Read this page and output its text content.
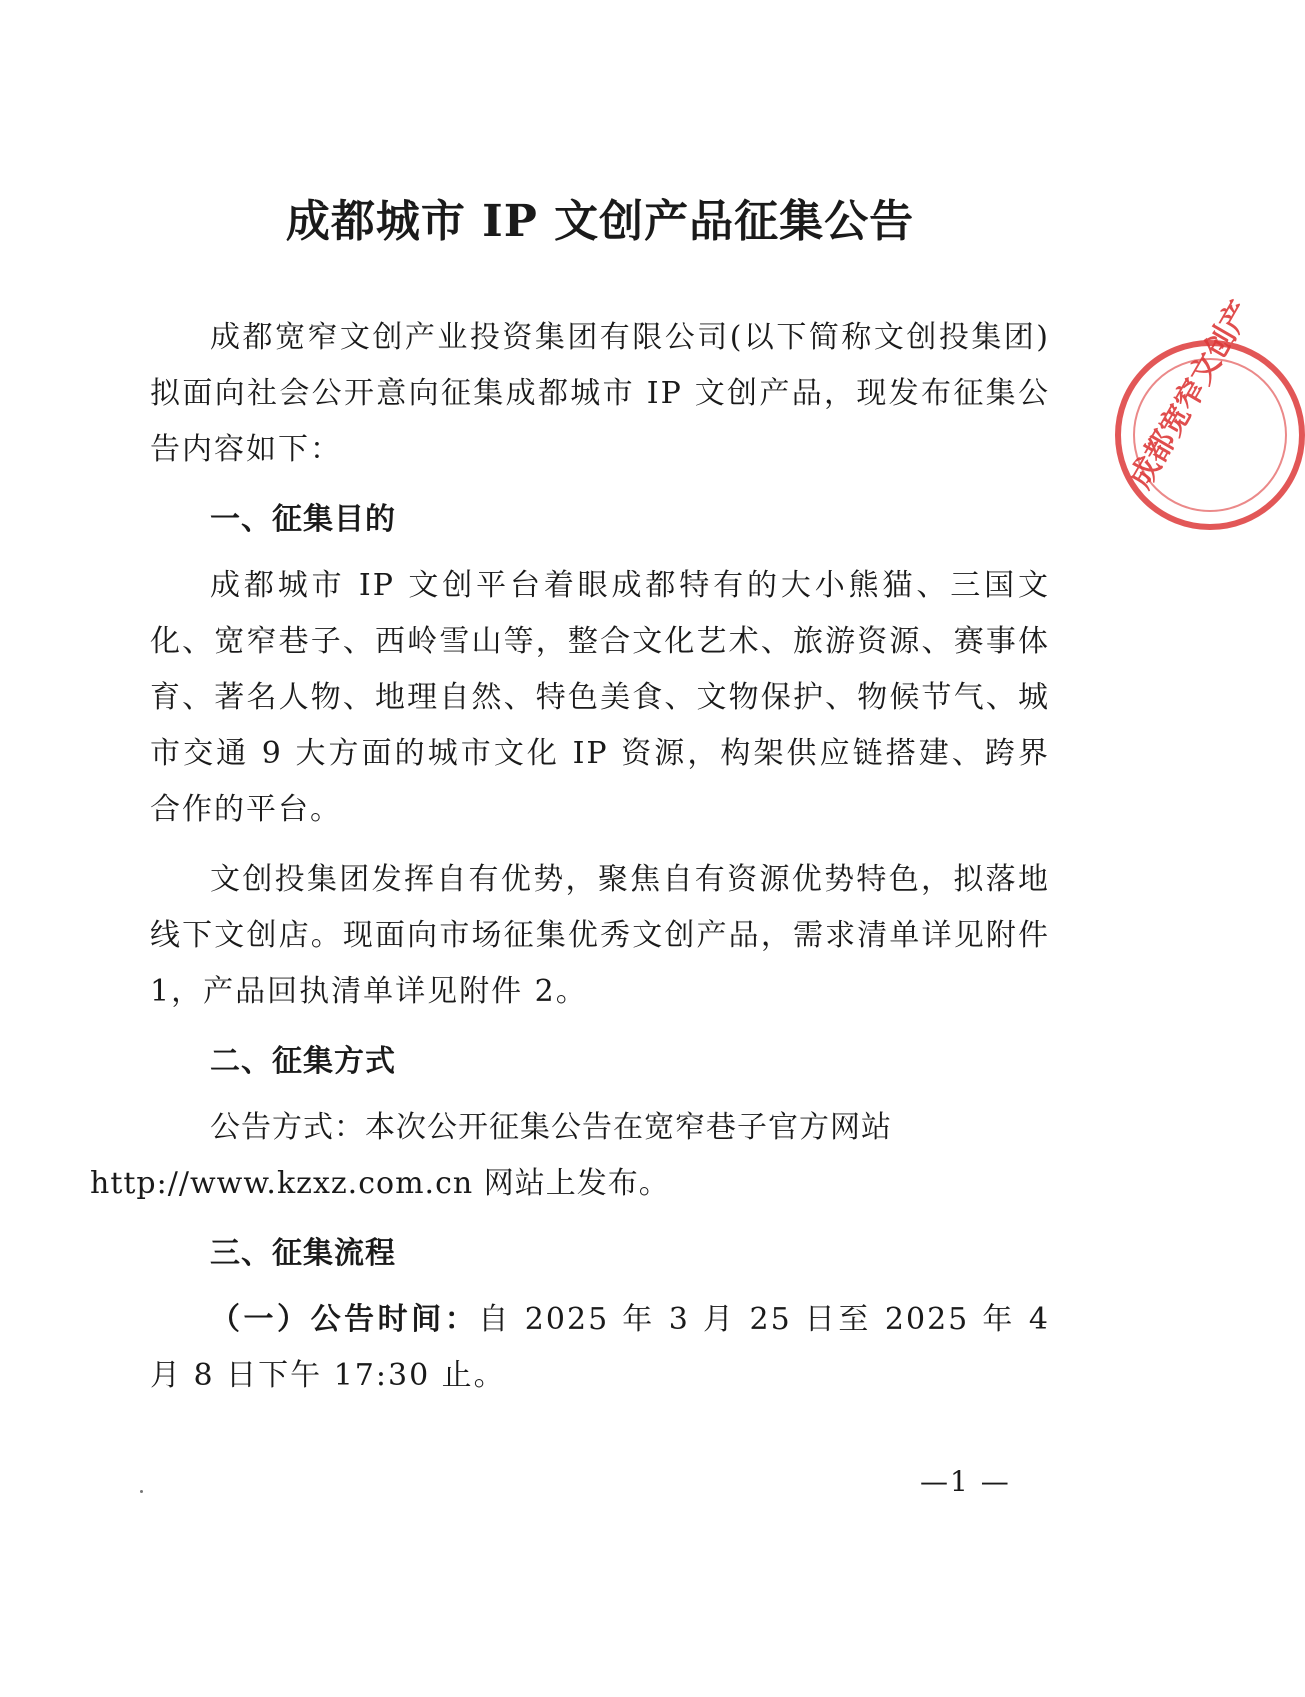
成都城市 IP 文创产品征集公告

成都宽窄文创产业投资集团有限公司(以下简称文创投集团)拟面向社会公开意向征集成都城市 IP 文创产品，现发布征集公告内容如下：

一、征集目的

成都城市 IP 文创平台着眼成都特有的大小熊猫、三国文化、宽窄巷子、西岭雪山等，整合文化艺术、旅游资源、赛事体育、著名人物、地理自然、特色美食、文物保护、物候节气、城市交通 9 大方面的城市文化 IP 资源，构架供应链搭建、跨界合作的平台。

文创投集团发挥自有优势，聚焦自有资源优势特色，拟落地线下文创店。现面向市场征集优秀文创产品，需求清单详见附件 1，产品回执清单详见附件 2。

二、征集方式

公告方式：本次公开征集公告在宽窄巷子官方网站
http://www.kzxz.com.cn 网站上发布。

三、征集流程

（一）公告时间：自 2025 年 3 月 25 日至 2025 年 4 月 8 日下午 17:30 止。

—1 —
成都宽窄文创产
